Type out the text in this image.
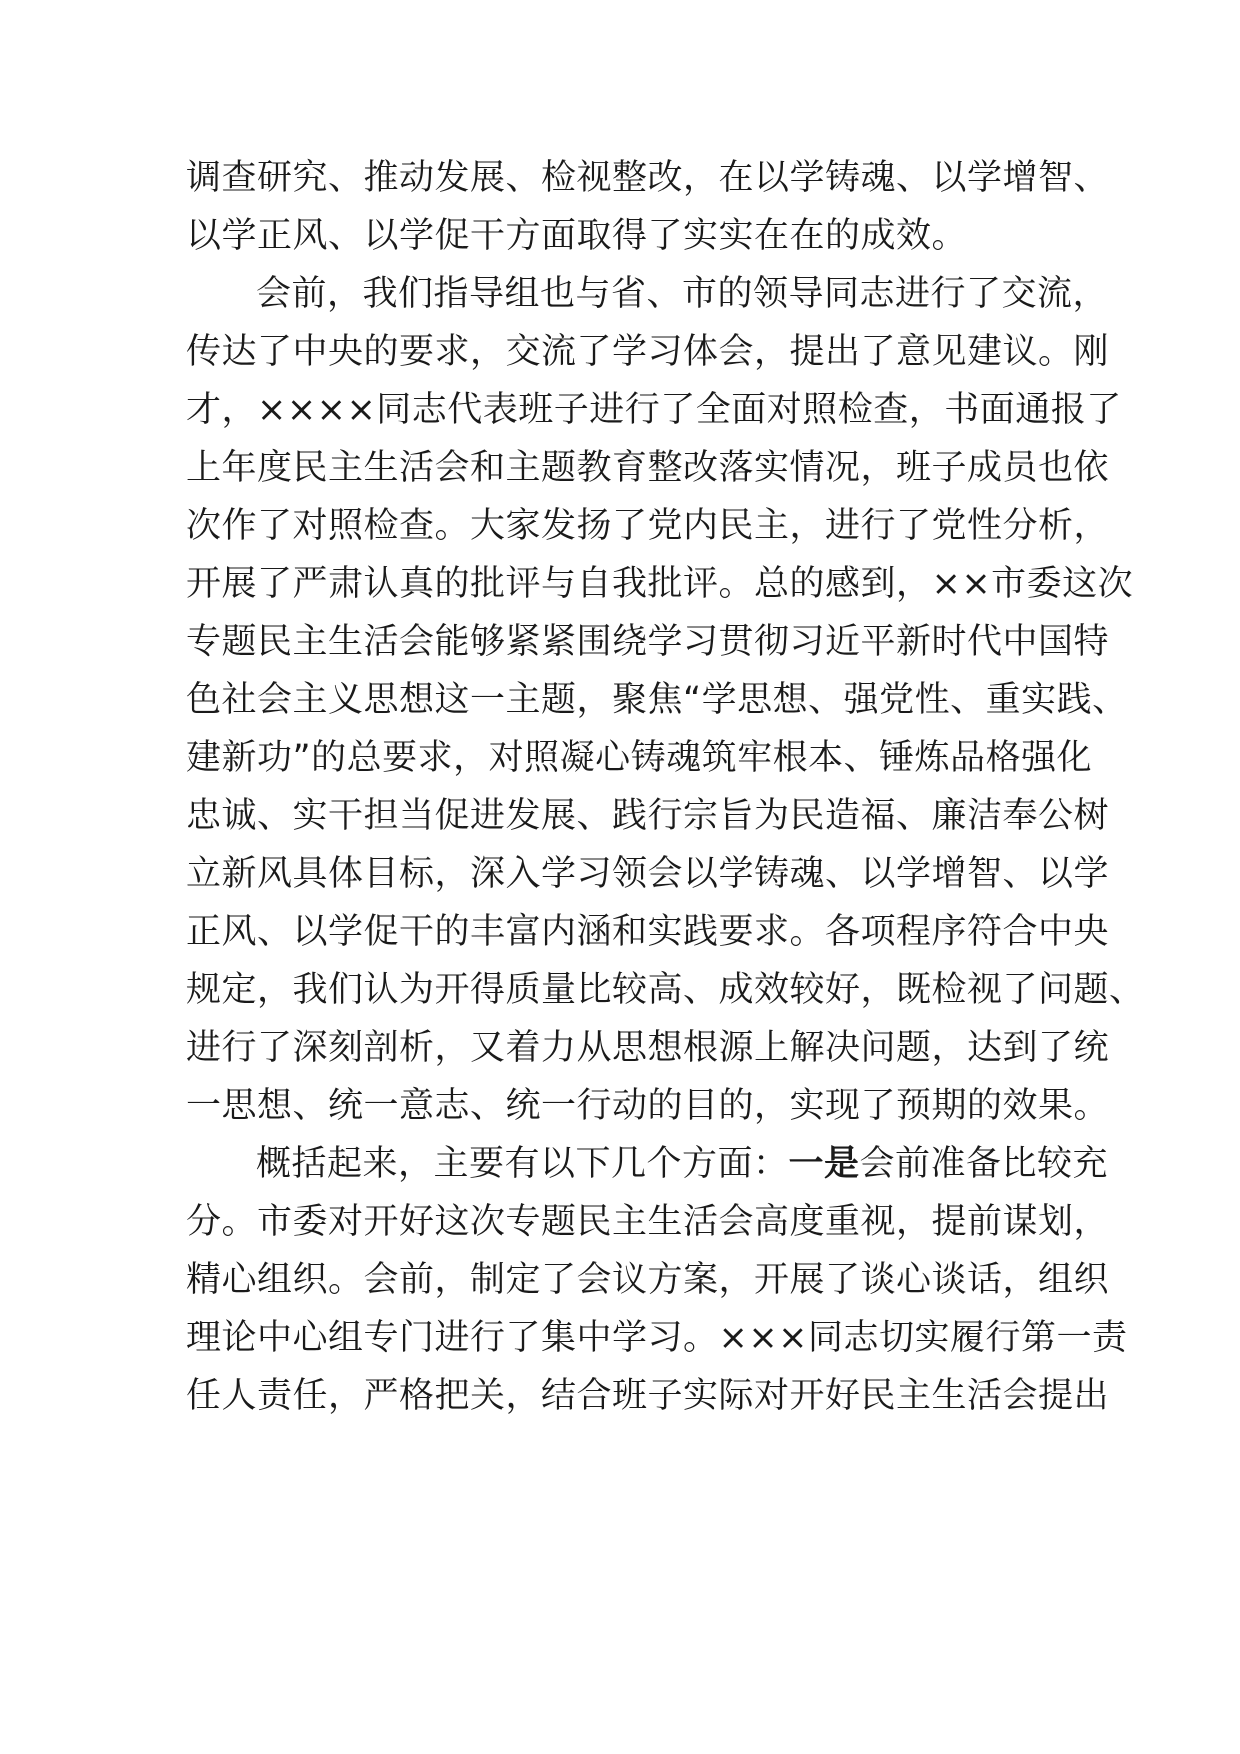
调查研究、推动发展、检视整改，在以学铸魂、以学增智、
以学正风、以学促干方面取得了实实在在的成效。
会前，我们指导组也与省、市的领导同志进行了交流，
传达了中央的要求，交流了学习体会，提出了意见建议。刚
才，××××同志代表班子进行了全面对照检查，书面通报了
上年度民主生活会和主题教育整改落实情况，班子成员也依
次作了对照检查。大家发扬了党内民主，进行了党性分析，
开展了严肃认真的批评与自我批评。总的感到，××市委这次
专题民主生活会能够紧紧围绕学习贯彻习近平新时代中国特
色社会主义思想这一主题，聚焦“学思想、强党性、重实践、
建新功”的总要求，对照凝心铸魂筑牢根本、锤炼品格强化
忠诚、实干担当促进发展、践行宗旨为民造福、廉洁奉公树
立新风具体目标，深入学习领会以学铸魂、以学增智、以学
正风、以学促干的丰富内涵和实践要求。各项程序符合中央
规定，我们认为开得质量比较高、成效较好，既检视了问题、
进行了深刻剖析，又着力从思想根源上解决问题，达到了统
一思想、统一意志、统一行动的目的，实现了预期的效果。
概括起来，主要有以下几个方面：一是会前准备比较充
分。市委对开好这次专题民主生活会高度重视，提前谋划，
精心组织。会前，制定了会议方案，开展了谈心谈话，组织
理论中心组专门进行了集中学习。×××同志切实履行第一责
任人责任，严格把关，结合班子实际对开好民主生活会提出
